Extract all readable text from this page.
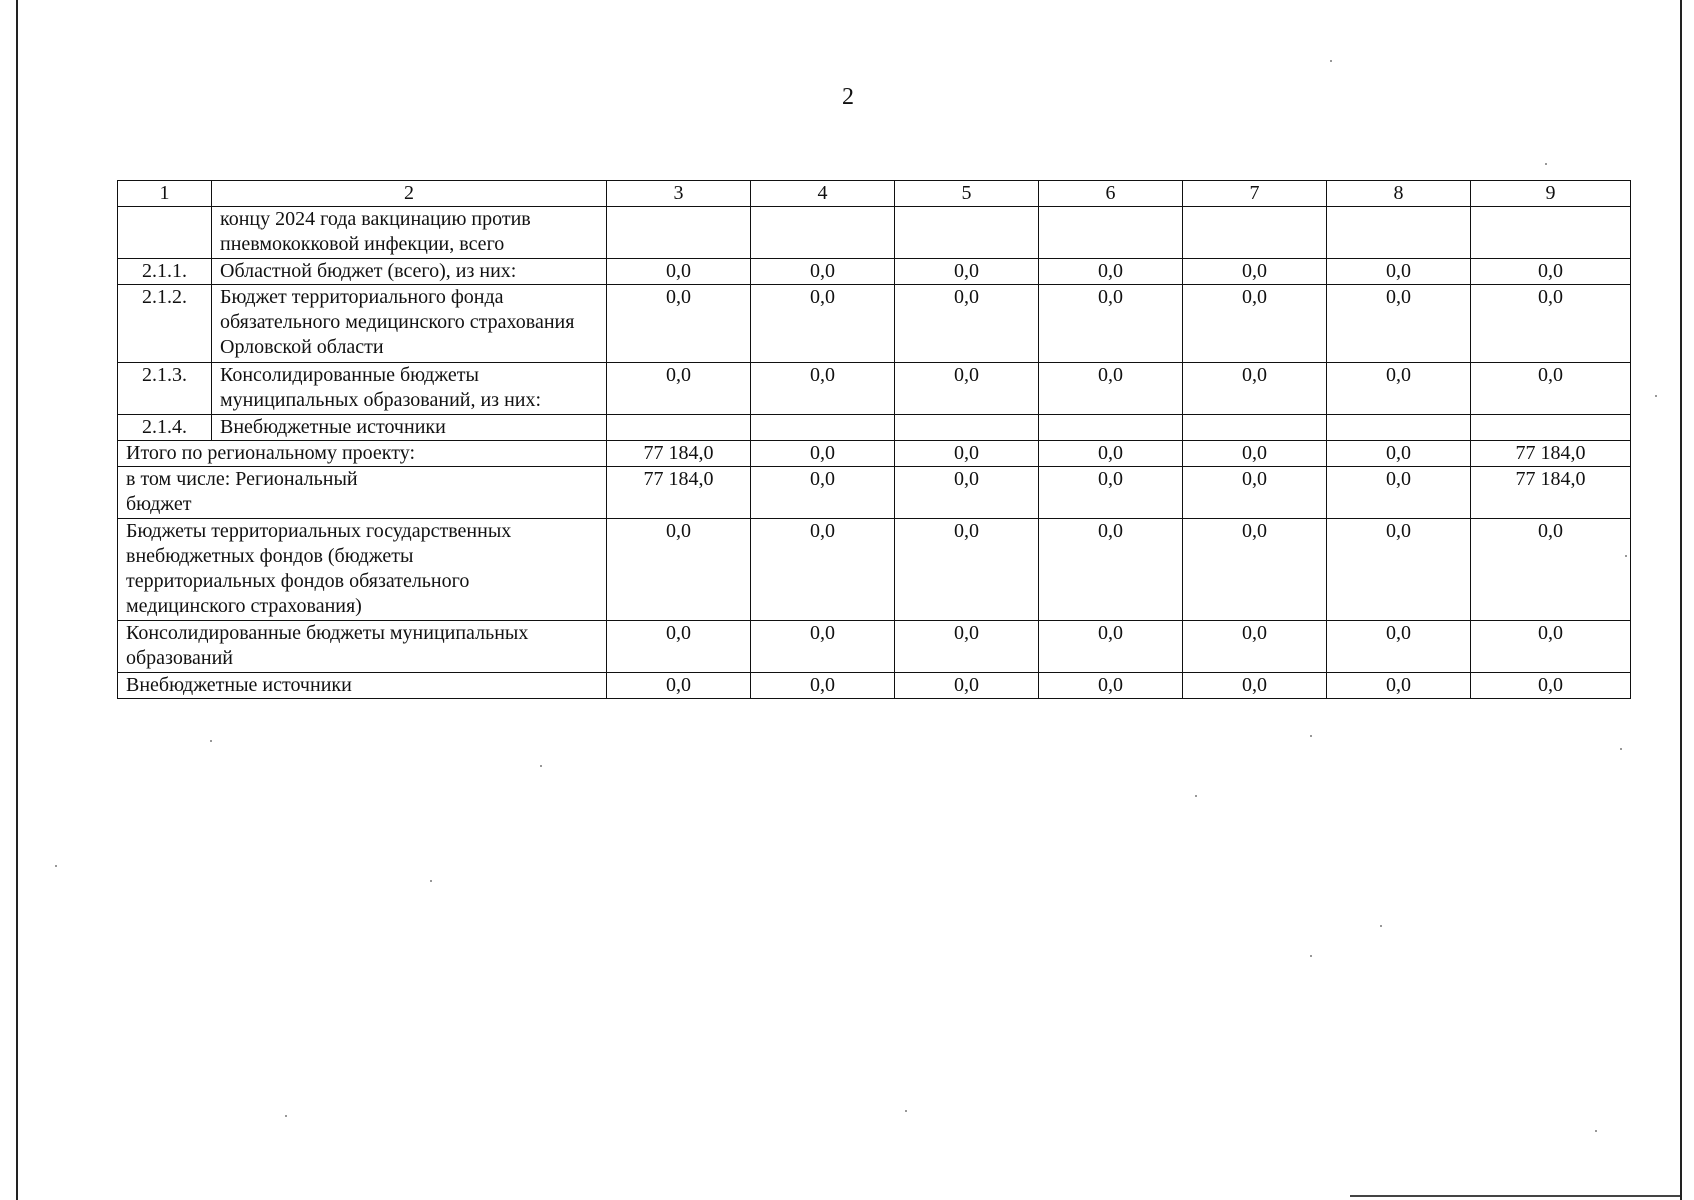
2
1	2	3	4	5	6	7	8	9
	концу 2024 года вакцинацию против пневмококковой инфекции, всего							
2.1.1.	Областной бюджет (всего), из них:	0,0	0,0	0,0	0,0	0,0	0,0	0,0
2.1.2.	Бюджет территориального фонда обязательного медицинского страхования Орловской области	0,0	0,0	0,0	0,0	0,0	0,0	0,0
2.1.3.	Консолидированные бюджеты муниципальных образований, из них:	0,0	0,0	0,0	0,0	0,0	0,0	0,0
2.1.4.	Внебюджетные источники							
Итого по региональному проекту:		77 184,0	0,0	0,0	0,0	0,0	0,0	77 184,0
в том числе: Региональный бюджет		77 184,0	0,0	0,0	0,0	0,0	0,0	77 184,0
Бюджеты территориальных государственных внебюджетных фондов (бюджеты территориальных фондов обязательного медицинского страхования)		0,0	0,0	0,0	0,0	0,0	0,0	0,0
Консолидированные бюджеты муниципальных образований		0,0	0,0	0,0	0,0	0,0	0,0	0,0
Внебюджетные источники		0,0	0,0	0,0	0,0	0,0	0,0	0,0
